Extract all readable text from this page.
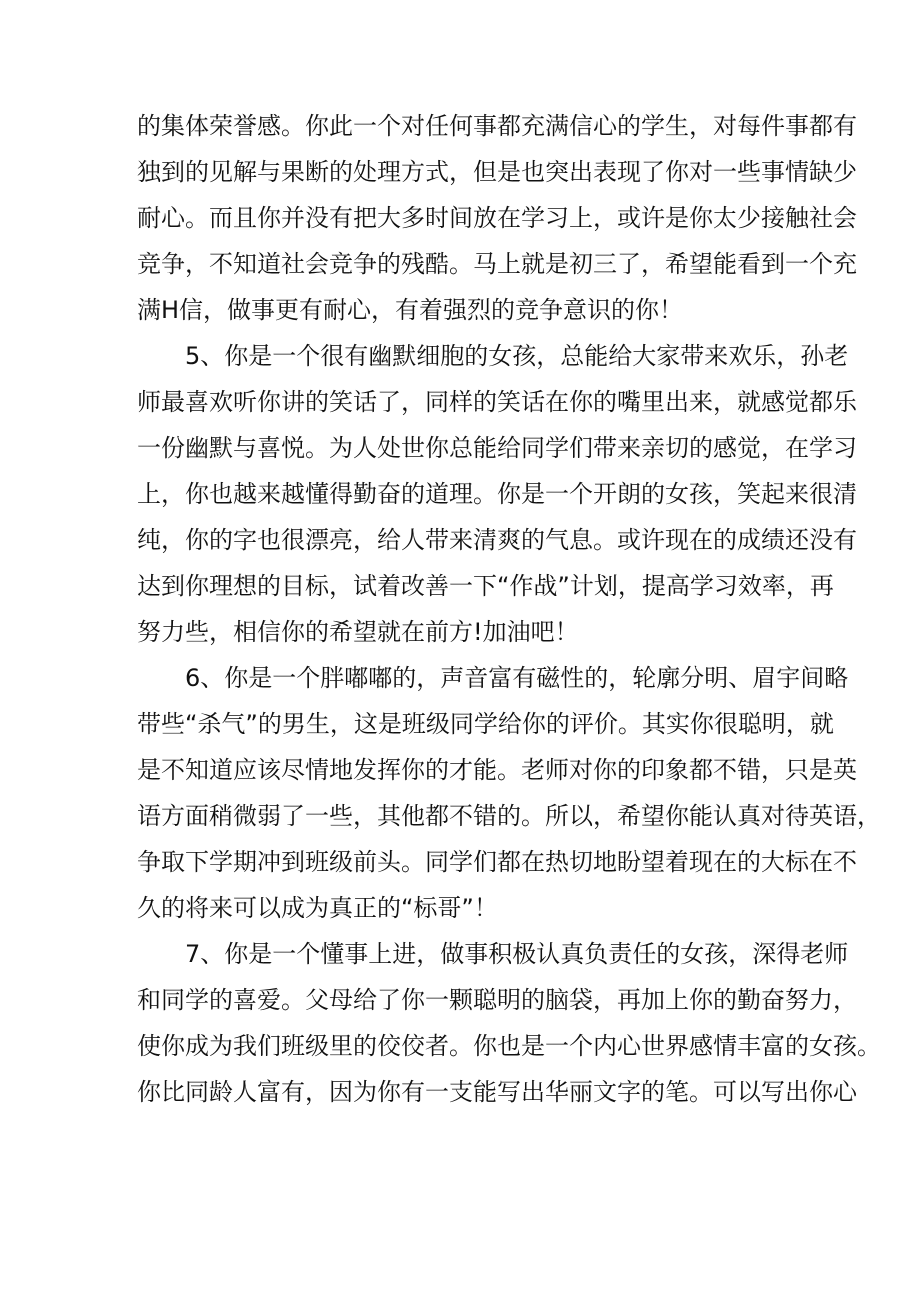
的集体荣誉感。你此一个对任何事都充满信心的学生，对每件事都有
独到的见解与果断的处理方式，但是也突出表现了你对一些事情缺少
耐心。而且你并没有把大多时间放在学习上，或许是你太少接触社会
竞争，不知道社会竞争的残酷。马上就是初三了，希望能看到一个充
满H信，做事更有耐心，有着强烈的竞争意识的你！
5、你是一个很有幽默细胞的女孩，总能给大家带来欢乐，孙老
师最喜欢听你讲的笑话了，同样的笑话在你的嘴里出来，就感觉都乐
一份幽默与喜悦。为人处世你总能给同学们带来亲切的感觉，在学习
上，你也越来越懂得勤奋的道理。你是一个开朗的女孩，笑起来很清
纯，你的字也很漂亮，给人带来清爽的气息。或许现在的成绩还没有
达到你理想的目标，试着改善一下“作战”计划，提高学习效率，再
努力些，相信你的希望就在前方!加油吧！
6、你是一个胖嘟嘟的，声音富有磁性的，轮廓分明、眉宇间略
带些“杀气”的男生，这是班级同学给你的评价。其实你很聪明，就
是不知道应该尽情地发挥你的才能。老师对你的印象都不错，只是英
语方面稍微弱了一些，其他都不错的。所以，希望你能认真对待英语，
争取下学期冲到班级前头。同学们都在热切地盼望着现在的大标在不
久的将来可以成为真正的“标哥”！
7、你是一个懂事上进，做事积极认真负责任的女孩，深得老师
和同学的喜爱。父母给了你一颗聪明的脑袋，再加上你的勤奋努力，
使你成为我们班级里的佼佼者。你也是一个内心世界感情丰富的女孩。
你比同龄人富有，因为你有一支能写出华丽文字的笔。可以写出你心
